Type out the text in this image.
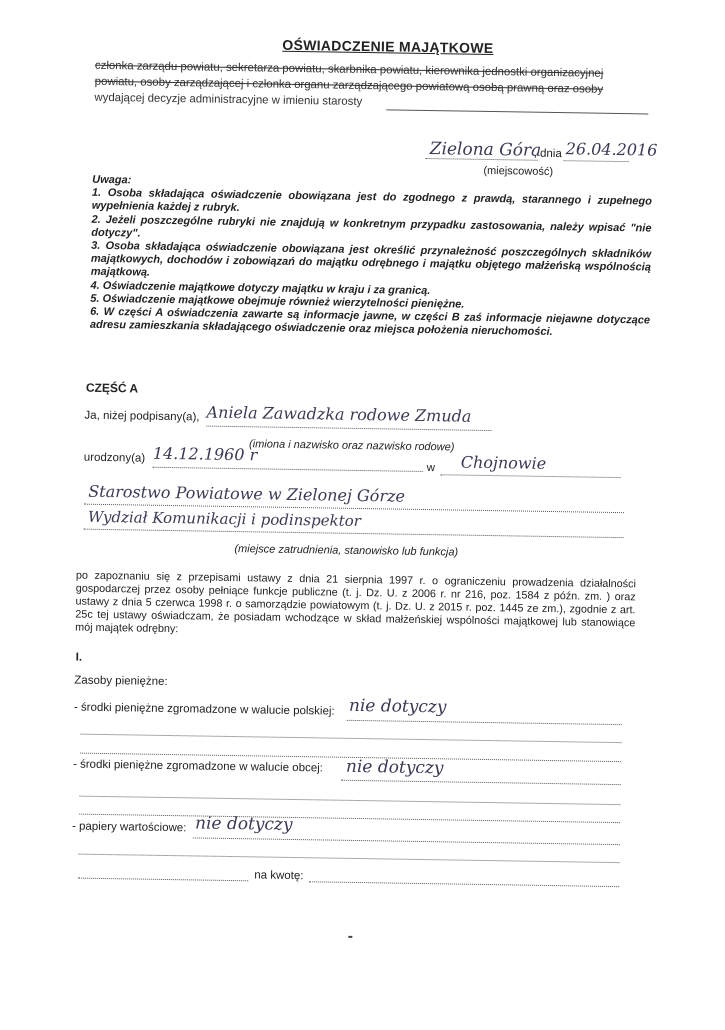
OŚWIADCZENIE MAJĄTKOWE
członka zarządu powiatu, sekretarza powiatu, skarbnika powiatu, kierownika jednostki organizacyjnej
powiatu, osoby zarządzającej i członka organu zarządzającego powiatową osobą prawną oraz osoby
wydającej decyzje administracyjne w imieniu starosty
Zielona Góra
, dnia 26.04.2016
(miejscowość)

Uwaga:

1. Osoba składająca oświadczenie obowiązana jest do zgodnego z prawdą, starannego i zupełnego wypełnienia każdej z rubryk.

2. Jeżeli poszczególne rubryki nie znajdują w konkretnym przypadku zastosowania, należy wpisać "nie dotyczy".

3. Osoba składająca oświadczenie obowiązana jest określić przynależność poszczególnych składników majątkowych, dochodów i zobowiązań do majątku odrębnego i majątku objętego małżeńską wspólnością majątkową.

4. Oświadczenie majątkowe dotyczy majątku w kraju i za granicą.

5. Oświadczenie majątkowe obejmuje również wierzytelności pieniężne.

6. W części A oświadczenia zawarte są informacje jawne, w części B zaś informacje niejawne dotyczące adresu zamieszkania składającego oświadczenie oraz miejsca położenia nieruchomości.

CZĘŚĆ A
Ja, niżej podpisany(a), Aniela Zawadzka rodowe Zmuda
(imiona i nazwisko oraz nazwisko rodowe)
urodzony(a) 14.12.1960 r
w Chojnowie
Starostwo Powiatowe w Zielonej Górze
Wydział Komunikacji i podinspektor
(miejsce zatrudnienia, stanowisko lub funkcja)
po zapoznaniu się z przepisami ustawy z dnia 21 sierpnia 1997 r. o ograniczeniu prowadzenia działalności gospodarczej przez osoby pełniące funkcje publiczne (t. j. Dz. U. z 2006 r. nr 216, poz. 1584 z późn. zm. ) oraz ustawy z dnia 5 czerwca 1998 r. o samorządzie powiatowym (t. j. Dz. U. z 2015 r. poz. 1445 ze zm.), zgodnie z art. 25c tej ustawy oświadczam, że posiadam wchodzące w skład małżeńskiej wspólności majątkowej lub stanowiące mój majątek odrębny:
I.
Zasoby pieniężne:
- środki pieniężne zgromadzone w walucie polskiej: nie dotyczy
- środki pieniężne zgromadzone w walucie obcej: nie dotyczy
- papiery wartościowe: nie dotyczy
na kwotę:
